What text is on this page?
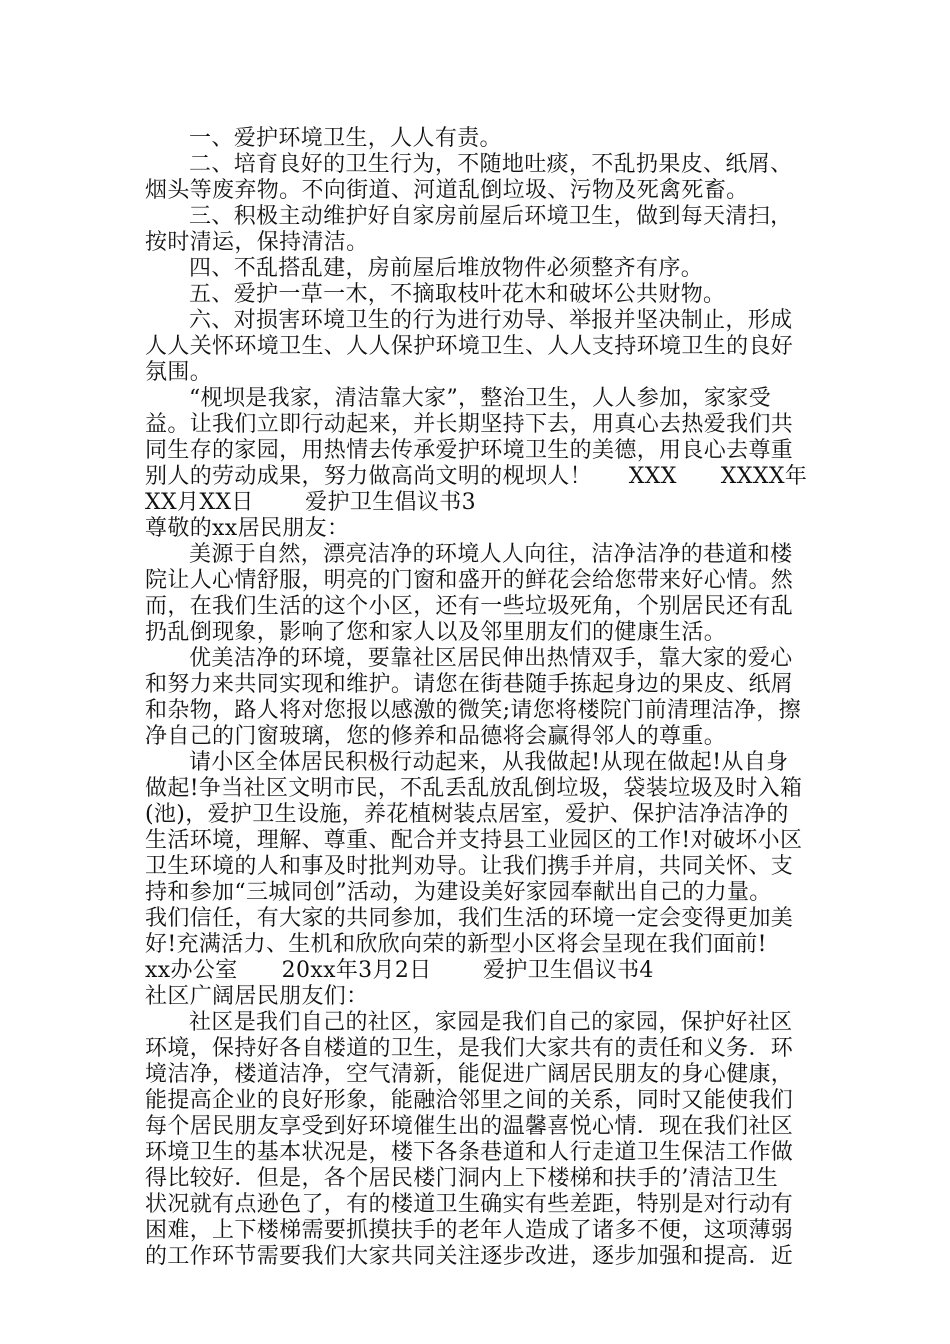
一、爱护环境卫生，人人有责。
二、培育良好的卫生行为，不随地吐痰，不乱扔果皮、纸屑、
烟头等废弃物。不向街道、河道乱倒垃圾、污物及死禽死畜。
三、积极主动维护好自家房前屋后环境卫生，做到每天清扫，
按时清运，保持清洁。
四、不乱搭乱建，房前屋后堆放物件必须整齐有序。
五、爱护一草一木，不摘取枝叶花木和破坏公共财物。
六、对损害环境卫生的行为进行劝导、举报并坚决制止，形成
人人关怀环境卫生、人人保护环境卫生、人人支持环境卫生的良好
氛围。
“枧坝是我家，清洁靠大家”，整治卫生，人人参加，家家受
益。让我们立即行动起来，并长期坚持下去，用真心去热爱我们共
同生存的家园，用热情去传承爱护环境卫生的美德，用良心去尊重
别人的劳动成果，努力做高尚文明的枧坝人！     XXX      XXXX年
XX月XX日       爱护卫生倡议书3
尊敬的xx居民朋友：
美源于自然，漂亮洁净的环境人人向往，洁净洁净的巷道和楼
院让人心情舒服，明亮的门窗和盛开的鲜花会给您带来好心情。然
而，在我们生活的这个小区，还有一些垃圾死角，个别居民还有乱
扔乱倒现象，影响了您和家人以及邻里朋友们的健康生活。
优美洁净的环境，要靠社区居民伸出热情双手，靠大家的爱心
和努力来共同实现和维护。请您在街巷随手拣起身边的果皮、纸屑
和杂物，路人将对您报以感激的微笑;请您将楼院门前清理洁净，擦
净自己的门窗玻璃，您的修养和品德将会赢得邻人的尊重。
请小区全体居民积极行动起来，从我做起!从现在做起!从自身
做起!争当社区文明市民，不乱丢乱放乱倒垃圾，袋装垃圾及时入箱
(池)，爱护卫生设施，养花植树装点居室，爱护、保护洁净洁净的
生活环境，理解、尊重、配合并支持县工业园区的工作!对破坏小区
卫生环境的人和事及时批判劝导。让我们携手并肩，共同关怀、支
持和参加“三城同创”活动，为建设美好家园奉献出自己的力量。
我们信任，有大家的共同参加，我们生活的环境一定会变得更加美
好!充满活力、生机和欣欣向荣的新型小区将会呈现在我们面前!
xx办公室      20xx年3月2日       爱护卫生倡议书4
社区广阔居民朋友们：
社区是我们自己的社区，家园是我们自己的家园，保护好社区
环境，保持好各自楼道的卫生，是我们大家共有的责任和义务．环
境洁净，楼道洁净，空气清新，能促进广阔居民朋友的身心健康，
能提高企业的良好形象，能融洽邻里之间的关系，同时又能使我们
每个居民朋友享受到好环境催生出的温馨喜悦心情．现在我们社区
环境卫生的基本状况是，楼下各条巷道和人行走道卫生保洁工作做
得比较好．但是，各个居民楼门洞内上下楼梯和扶手的’清洁卫生
状况就有点逊色了，有的楼道卫生确实有些差距，特别是对行动有
困难，上下楼梯需要抓摸扶手的老年人造成了诸多不便，这项薄弱
的工作环节需要我们大家共同关注逐步改进，逐步加强和提高．近
